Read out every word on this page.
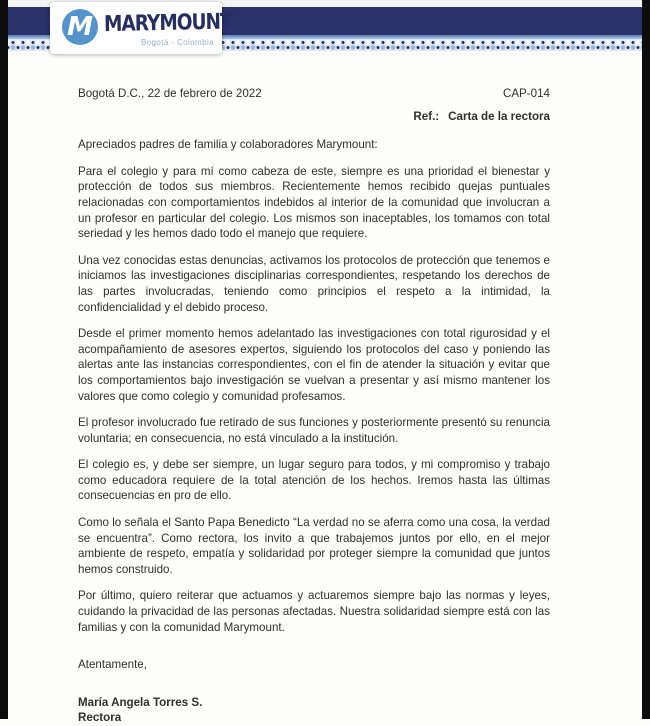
M MARYMOUNT
Bogotá - Colombia
Bogotá D.C., 22 de febrero de 2022	CAP-014
Ref.: Carta de la rectora
Apreciados padres de familia y colaboradores Marymount:

Para el colegio y para mí como cabeza de este, siempre es una prioridad el bienestar y protección de todos sus miembros. Recientemente hemos recibido quejas puntuales relacionadas con comportamientos indebidos al interior de la comunidad que involucran a un profesor en particular del colegio. Los mismos son inaceptables, los tomamos con total seriedad y les hemos dado todo el manejo que requiere.

Una vez conocidas estas denuncias, activamos los protocolos de protección que tenemos e iniciamos las investigaciones disciplinarias correspondientes, respetando los derechos de las partes involucradas, teniendo como principios el respeto a la intimidad, la confidencialidad y el debido proceso.

Desde el primer momento hemos adelantado las investigaciones con total rigurosidad y el acompañamiento de asesores expertos, siguiendo los protocolos del caso y poniendo las alertas ante las instancias correspondientes, con el fin de atender la situación y evitar que los comportamientos bajo investigación se vuelvan a presentar y así mismo mantener los valores que como colegio y comunidad profesamos.

El profesor involucrado fue retirado de sus funciones y posteriormente presentó su renuncia voluntaria; en consecuencia, no está vinculado a la institución.

El colegio es, y debe ser siempre, un lugar seguro para todos, y mi compromiso y trabajo como educadora requiere de la total atención de los hechos. Iremos hasta las últimas consecuencias en pro de ello.

Como lo señala el Santo Papa Benedicto “La verdad no se aferra como una cosa, la verdad se encuentra”. Como rectora, los invito a que trabajemos juntos por ello, en el mejor ambiente de respeto, empatía y solidaridad por proteger siempre la comunidad que juntos hemos construido.

Por último, quiero reiterar que actuamos y actuaremos siempre bajo las normas y leyes, cuidando la privacidad de las personas afectadas. Nuestra solidaridad siempre está con las familias y con la comunidad Marymount.

Atentamente,
María Angela Torres S.
Rectora
